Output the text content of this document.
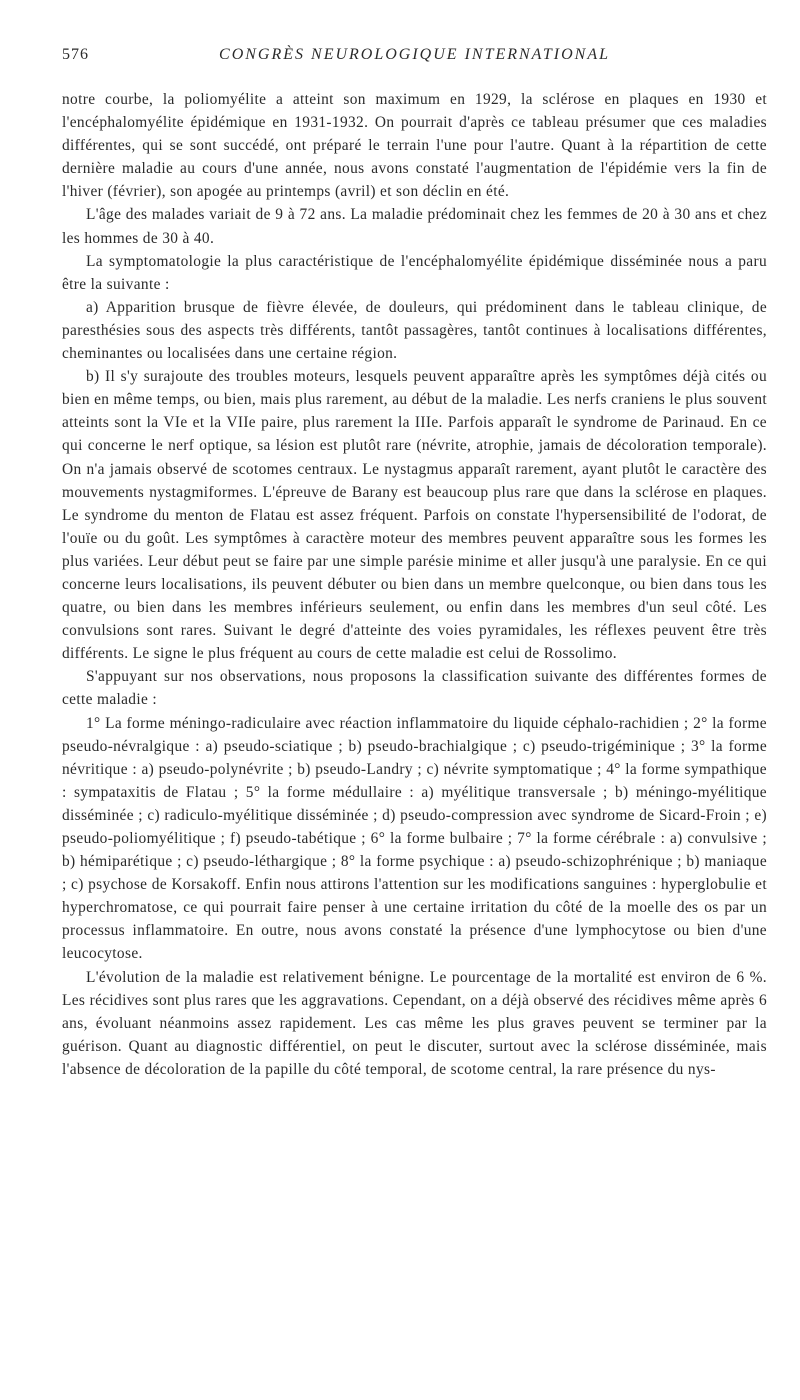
576	CONGRÈS NEUROLOGIQUE INTERNATIONAL

notre courbe, la poliomyélite a atteint son maximum en 1929, la sclérose en plaques en 1930 et l'encéphalomyélite épidémique en 1931-1932. On pourrait d'après ce tableau présumer que ces maladies différentes, qui se sont succédé, ont préparé le terrain l'une pour l'autre. Quant à la répartition de cette dernière maladie au cours d'une année, nous avons constaté l'augmentation de l'épidémie vers la fin de l'hiver (février), son apogée au printemps (avril) et son déclin en été.

L'âge des malades variait de 9 à 72 ans. La maladie prédominait chez les femmes de 20 à 30 ans et chez les hommes de 30 à 40.

La symptomatologie la plus caractéristique de l'encéphalomyélite épidémique disséminée nous a paru être la suivante :

a) Apparition brusque de fièvre élevée, de douleurs, qui prédominent dans le tableau clinique, de paresthésies sous des aspects très différents, tantôt passagères, tantôt continues à localisations différentes, cheminantes ou localisées dans une certaine région.

b) Il s'y surajoute des troubles moteurs, lesquels peuvent apparaître après les symptômes déjà cités ou bien en même temps, ou bien, mais plus rarement, au début de la maladie. Les nerfs craniens le plus souvent atteints sont la VIe et la VIIe paire, plus rarement la IIIe. Parfois apparaît le syndrome de Parinaud. En ce qui concerne le nerf optique, sa lésion est plutôt rare (névrite, atrophie, jamais de décoloration temporale). On n'a jamais observé de scotomes centraux. Le nystagmus apparaît rarement, ayant plutôt le caractère des mouvements nystagmiformes. L'épreuve de Barany est beaucoup plus rare que dans la sclérose en plaques. Le syndrome du menton de Flatau est assez fréquent. Parfois on constate l'hypersensibilité de l'odorat, de l'ouïe ou du goût. Les symptômes à caractère moteur des membres peuvent apparaître sous les formes les plus variées. Leur début peut se faire par une simple parésie minime et aller jusqu'à une paralysie. En ce qui concerne leurs localisations, ils peuvent débuter ou bien dans un membre quelconque, ou bien dans tous les quatre, ou bien dans les membres inférieurs seulement, ou enfin dans les membres d'un seul côté. Les convulsions sont rares. Suivant le degré d'atteinte des voies pyramidales, les réflexes peuvent être très différents. Le signe le plus fréquent au cours de cette maladie est celui de Rossolimo.

S'appuyant sur nos observations, nous proposons la classification suivante des différentes formes de cette maladie :

1° La forme méningo-radiculaire avec réaction inflammatoire du liquide céphalo-rachidien ; 2° la forme pseudo-névralgique : a) pseudo-sciatique ; b) pseudo-brachialgique ; c) pseudo-trigéminique ; 3° la forme névritique : a) pseudo-polynévrite ; b) pseudo-Landry ; c) névrite symptomatique ; 4° la forme sympathique : sympataxitis de Flatau ; 5° la forme médullaire : a) myélitique transversale ; b) méningo-myélitique disséminée ; c) radiculo-myélitique disséminée ; d) pseudo-compression avec syndrome de Sicard-Froin ; e) pseudo-poliomyélitique ; f) pseudo-tabétique ; 6° la forme bulbaire ; 7° la forme cérébrale : a) convulsive ; b) hémiparétique ; c) pseudo-léthargique ; 8° la forme psychique : a) pseudo-schizophrénique ; b) maniaque ; c) psychose de Korsakoff. Enfin nous attirons l'attention sur les modifications sanguines : hyperglobulie et hyperchromatose, ce qui pourrait faire penser à une certaine irritation du côté de la moelle des os par un processus inflammatoire. En outre, nous avons constaté la présence d'une lymphocytose ou bien d'une leucocytose.

L'évolution de la maladie est relativement bénigne. Le pourcentage de la mortalité est environ de 6 %. Les récidives sont plus rares que les aggravations. Cependant, on a déjà observé des récidives même après 6 ans, évoluant néanmoins assez rapidement. Les cas même les plus graves peuvent se terminer par la guérison. Quant au diagnostic différentiel, on peut le discuter, surtout avec la sclérose disséminée, mais l'absence de décoloration de la papille du côté temporal, de scotome central, la rare présence du nys-
